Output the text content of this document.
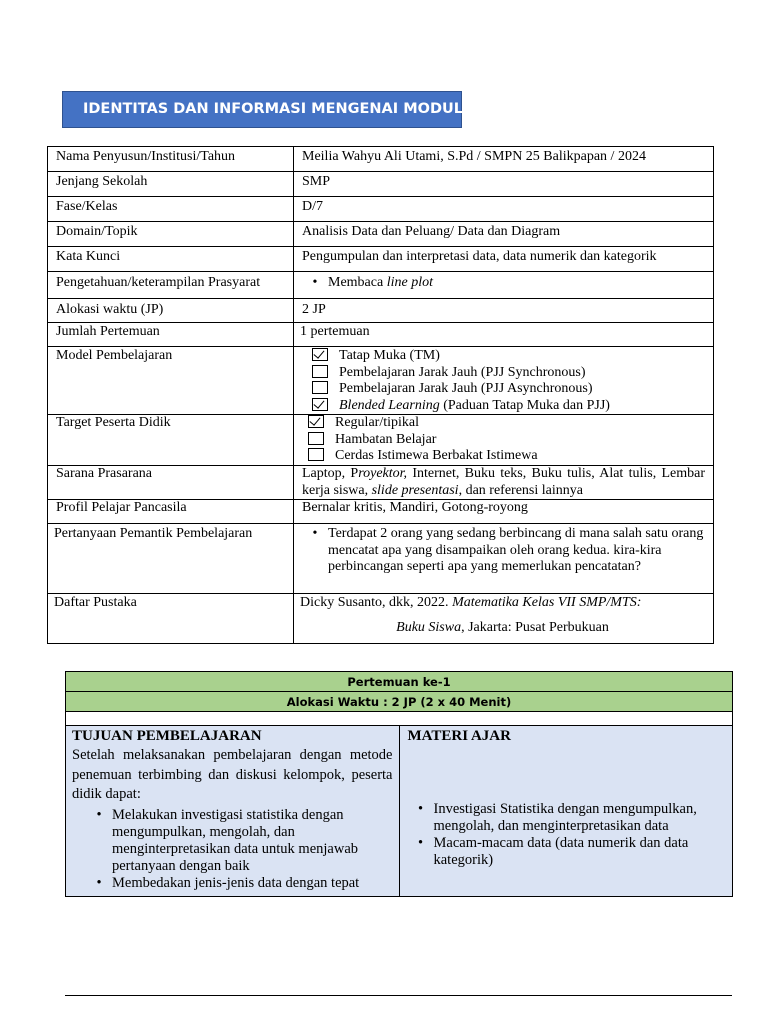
IDENTITAS DAN INFORMASI MENGENAI MODUL
Nama Penyusun/Institusi/Tahun	Meilia Wahyu Ali Utami, S.Pd / SMPN 25 Balikpapan / 2024
Jenjang Sekolah	SMP
Fase/Kelas	D/7
Domain/Topik	Analisis Data dan Peluang/ Data dan Diagram
Kata Kunci	Pengumpulan dan interpretasi data, data numerik dan kategorik
Pengetahuan/keterampilan Prasyarat	• Membaca line plot

Alokasi waktu (JP)	2 JP
Jumlah Pertemuan	1 pertemuan
Model Pembelajaran	Tatap Muka (TM)
Pembelajaran Jarak Jauh (PJJ Synchronous)
Pembelajaran Jarak Jauh (PJJ Asynchronous)
Blended Learning (Paduan Tatap Muka dan PJJ)

Target Peserta Didik	Regular/tipikal
Hambatan Belajar
Cerdas Istimewa Berbakat Istimewa

Sarana Prasarana	Laptop, Proyektor, Internet, Buku teks, Buku tulis, Alat tulis, Lembar kerja siswa, slide presentasi, dan referensi lainnya
Profil Pelajar Pancasila	Bernalar kritis, Mandiri, Gotong-royong
Pertanyaan Pemantik Pembelajaran	• Terdapat 2 orang yang sedang berbincang di mana salah satu orang mencatat apa yang disampaikan oleh orang kedua. kira-kira perbincangan seperti apa yang memerlukan pencatatan?

Daftar Pustaka	Dicky Susanto, dkk, 2022. Matematika Kelas VII SMP/MTS:
Buku Siswa, Jakarta: Pusat Perbukuan
Pertemuan ke-1
Alokasi Waktu : 2 JP (2 x 40 Menit)

TUJUAN PEMBELAJARAN
Setelah melaksanakan pembelajaran dengan metode penemuan terbimbing dan diskusi kelompok, peserta didik dapat:
• Melakukan investigasi statistika dengan mengumpulkan, mengolah, dan menginterpretasikan data untuk menjawab pertanyaan dengan baik
• Membedakan jenis-jenis data dengan tepat

MATERI AJAR
• Investigasi Statistika dengan mengumpulkan, mengolah, dan menginterpretasikan data
• Macam-macam data (data numerik dan data kategorik)
